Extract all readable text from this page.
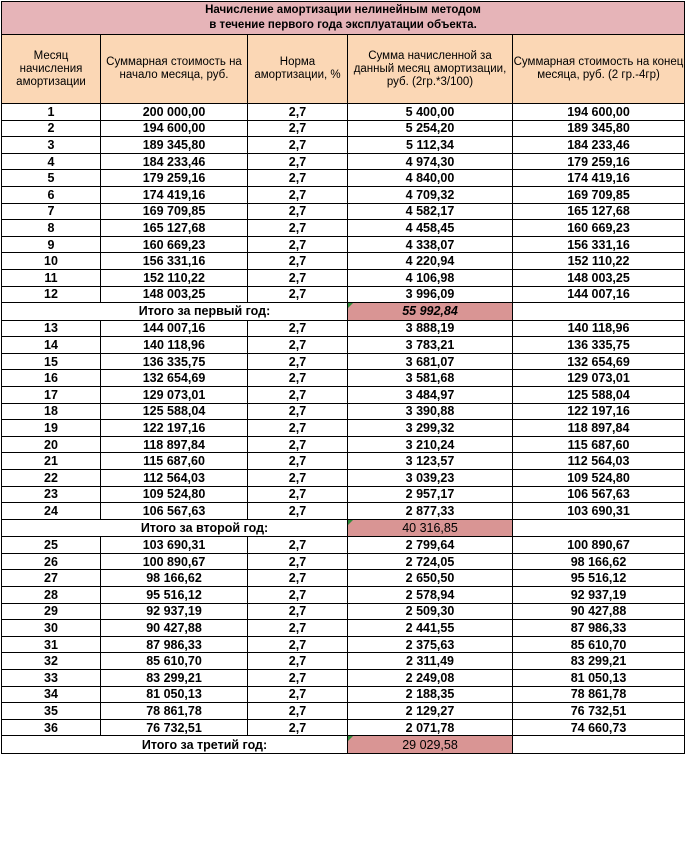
Начисление амортизации нелинейным методом
в течение первого года эксплуатации объекта.				

Месяц начисления амортизации	Суммарная стоимость на начало месяца, руб.	Норма амортизации, %	Сумма начисленной за данный месяц амортизации, руб. (2гр.*3/100)	Суммарная стоимость на конец месяца, руб. (2 гр.-4гр)
1	200 000,00	2,7	5 400,00	194 600,00
2	194 600,00	2,7	5 254,20	189 345,80
3	189 345,80	2,7	5 112,34	184 233,46
4	184 233,46	2,7	4 974,30	179 259,16
5	179 259,16	2,7	4 840,00	174 419,16
6	174 419,16	2,7	4 709,32	169 709,85
7	169 709,85	2,7	4 582,17	165 127,68
8	165 127,68	2,7	4 458,45	160 669,23
9	160 669,23	2,7	4 338,07	156 331,16
10	156 331,16	2,7	4 220,94	152 110,22
11	152 110,22	2,7	4 106,98	148 003,25
12	148 003,25	2,7	3 996,09	144 007,16
Итого за первый год:			55 992,84	
13	144 007,16	2,7	3 888,19	140 118,96
14	140 118,96	2,7	3 783,21	136 335,75
15	136 335,75	2,7	3 681,07	132 654,69
16	132 654,69	2,7	3 581,68	129 073,01
17	129 073,01	2,7	3 484,97	125 588,04
18	125 588,04	2,7	3 390,88	122 197,16
19	122 197,16	2,7	3 299,32	118 897,84
20	118 897,84	2,7	3 210,24	115 687,60
21	115 687,60	2,7	3 123,57	112 564,03
22	112 564,03	2,7	3 039,23	109 524,80
23	109 524,80	2,7	2 957,17	106 567,63
24	106 567,63	2,7	2 877,33	103 690,31
Итого за второй год:			40 316,85	
25	103 690,31	2,7	2 799,64	100 890,67
26	100 890,67	2,7	2 724,05	98 166,62
27	98 166,62	2,7	2 650,50	95 516,12
28	95 516,12	2,7	2 578,94	92 937,19
29	92 937,19	2,7	2 509,30	90 427,88
30	90 427,88	2,7	2 441,55	87 986,33
31	87 986,33	2,7	2 375,63	85 610,70
32	85 610,70	2,7	2 311,49	83 299,21
33	83 299,21	2,7	2 249,08	81 050,13
34	81 050,13	2,7	2 188,35	78 861,78
35	78 861,78	2,7	2 129,27	76 732,51
36	76 732,51	2,7	2 071,78	74 660,73
Итого за третий год:			29 029,58	
